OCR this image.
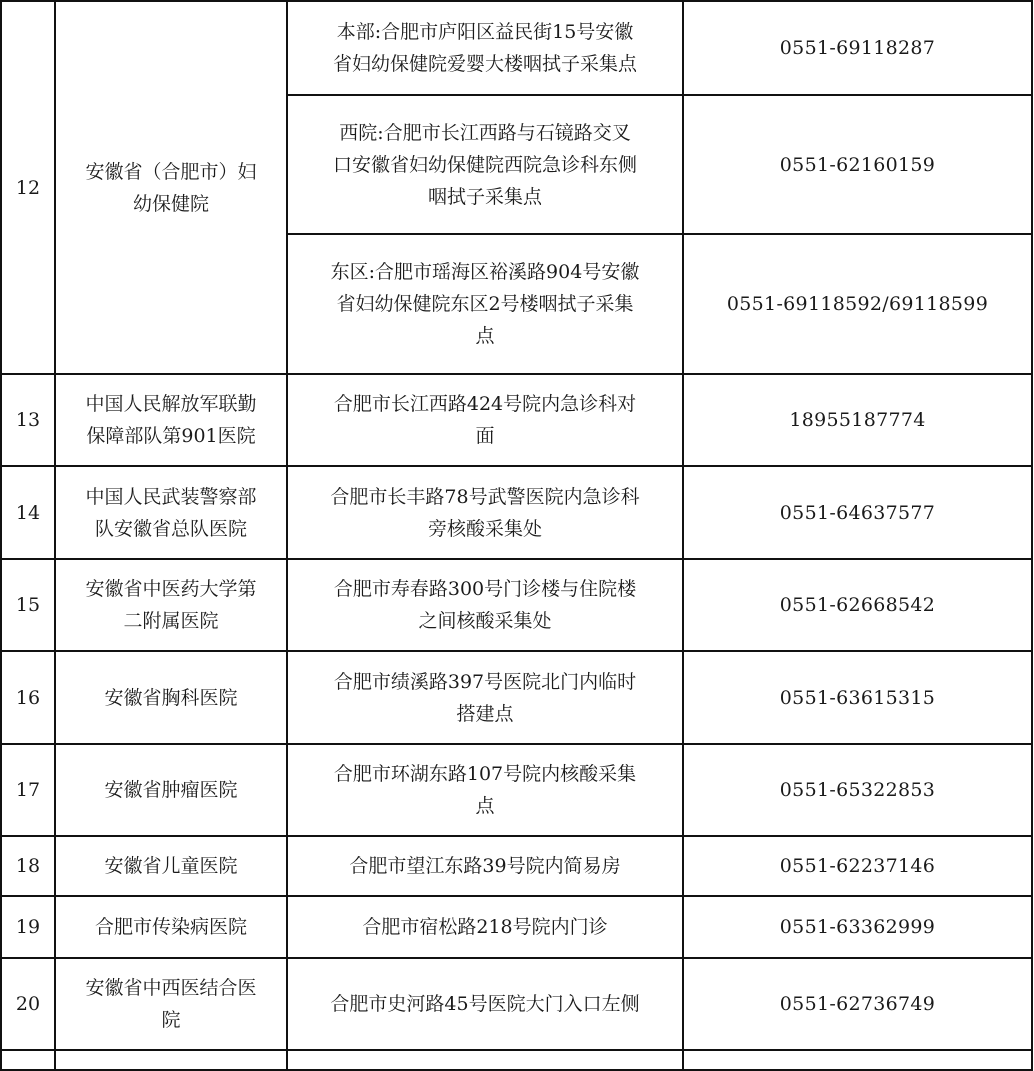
12	安徽省（合肥市）妇
幼保健院	本部:合肥市庐阳区益民街15号安徽
省妇幼保健院爱婴大楼咽拭子采集点	0551-69118287

		西院:合肥市长江西路与石镜路交叉
口安徽省妇幼保健院西院急诊科东侧
咽拭子采集点	0551-62160159

		东区:合肥市瑶海区裕溪路904号安徽
省妇幼保健院东区2号楼咽拭子采集
点	0551-69118592/69118599
13	中国人民解放军联勤
保障部队第901医院	合肥市长江西路424号院内急诊科对
面	18955187774
14	中国人民武装警察部
队安徽省总队医院	合肥市长丰路78号武警医院内急诊科
旁核酸采集处	0551-64637577
15	安徽省中医药大学第
二附属医院	合肥市寿春路300号门诊楼与住院楼
之间核酸采集处	0551-62668542
16	安徽省胸科医院	合肥市绩溪路397号医院北门内临时
搭建点	0551-63615315
17	安徽省肿瘤医院	合肥市环湖东路107号院内核酸采集
点	0551-65322853
18	安徽省儿童医院	合肥市望江东路39号院内简易房	0551-62237146
19	合肥市传染病医院	合肥市宿松路218号院内门诊	0551-63362999
20	安徽省中西医结合医
院	合肥市史河路45号医院大门入口左侧	0551-62736749
